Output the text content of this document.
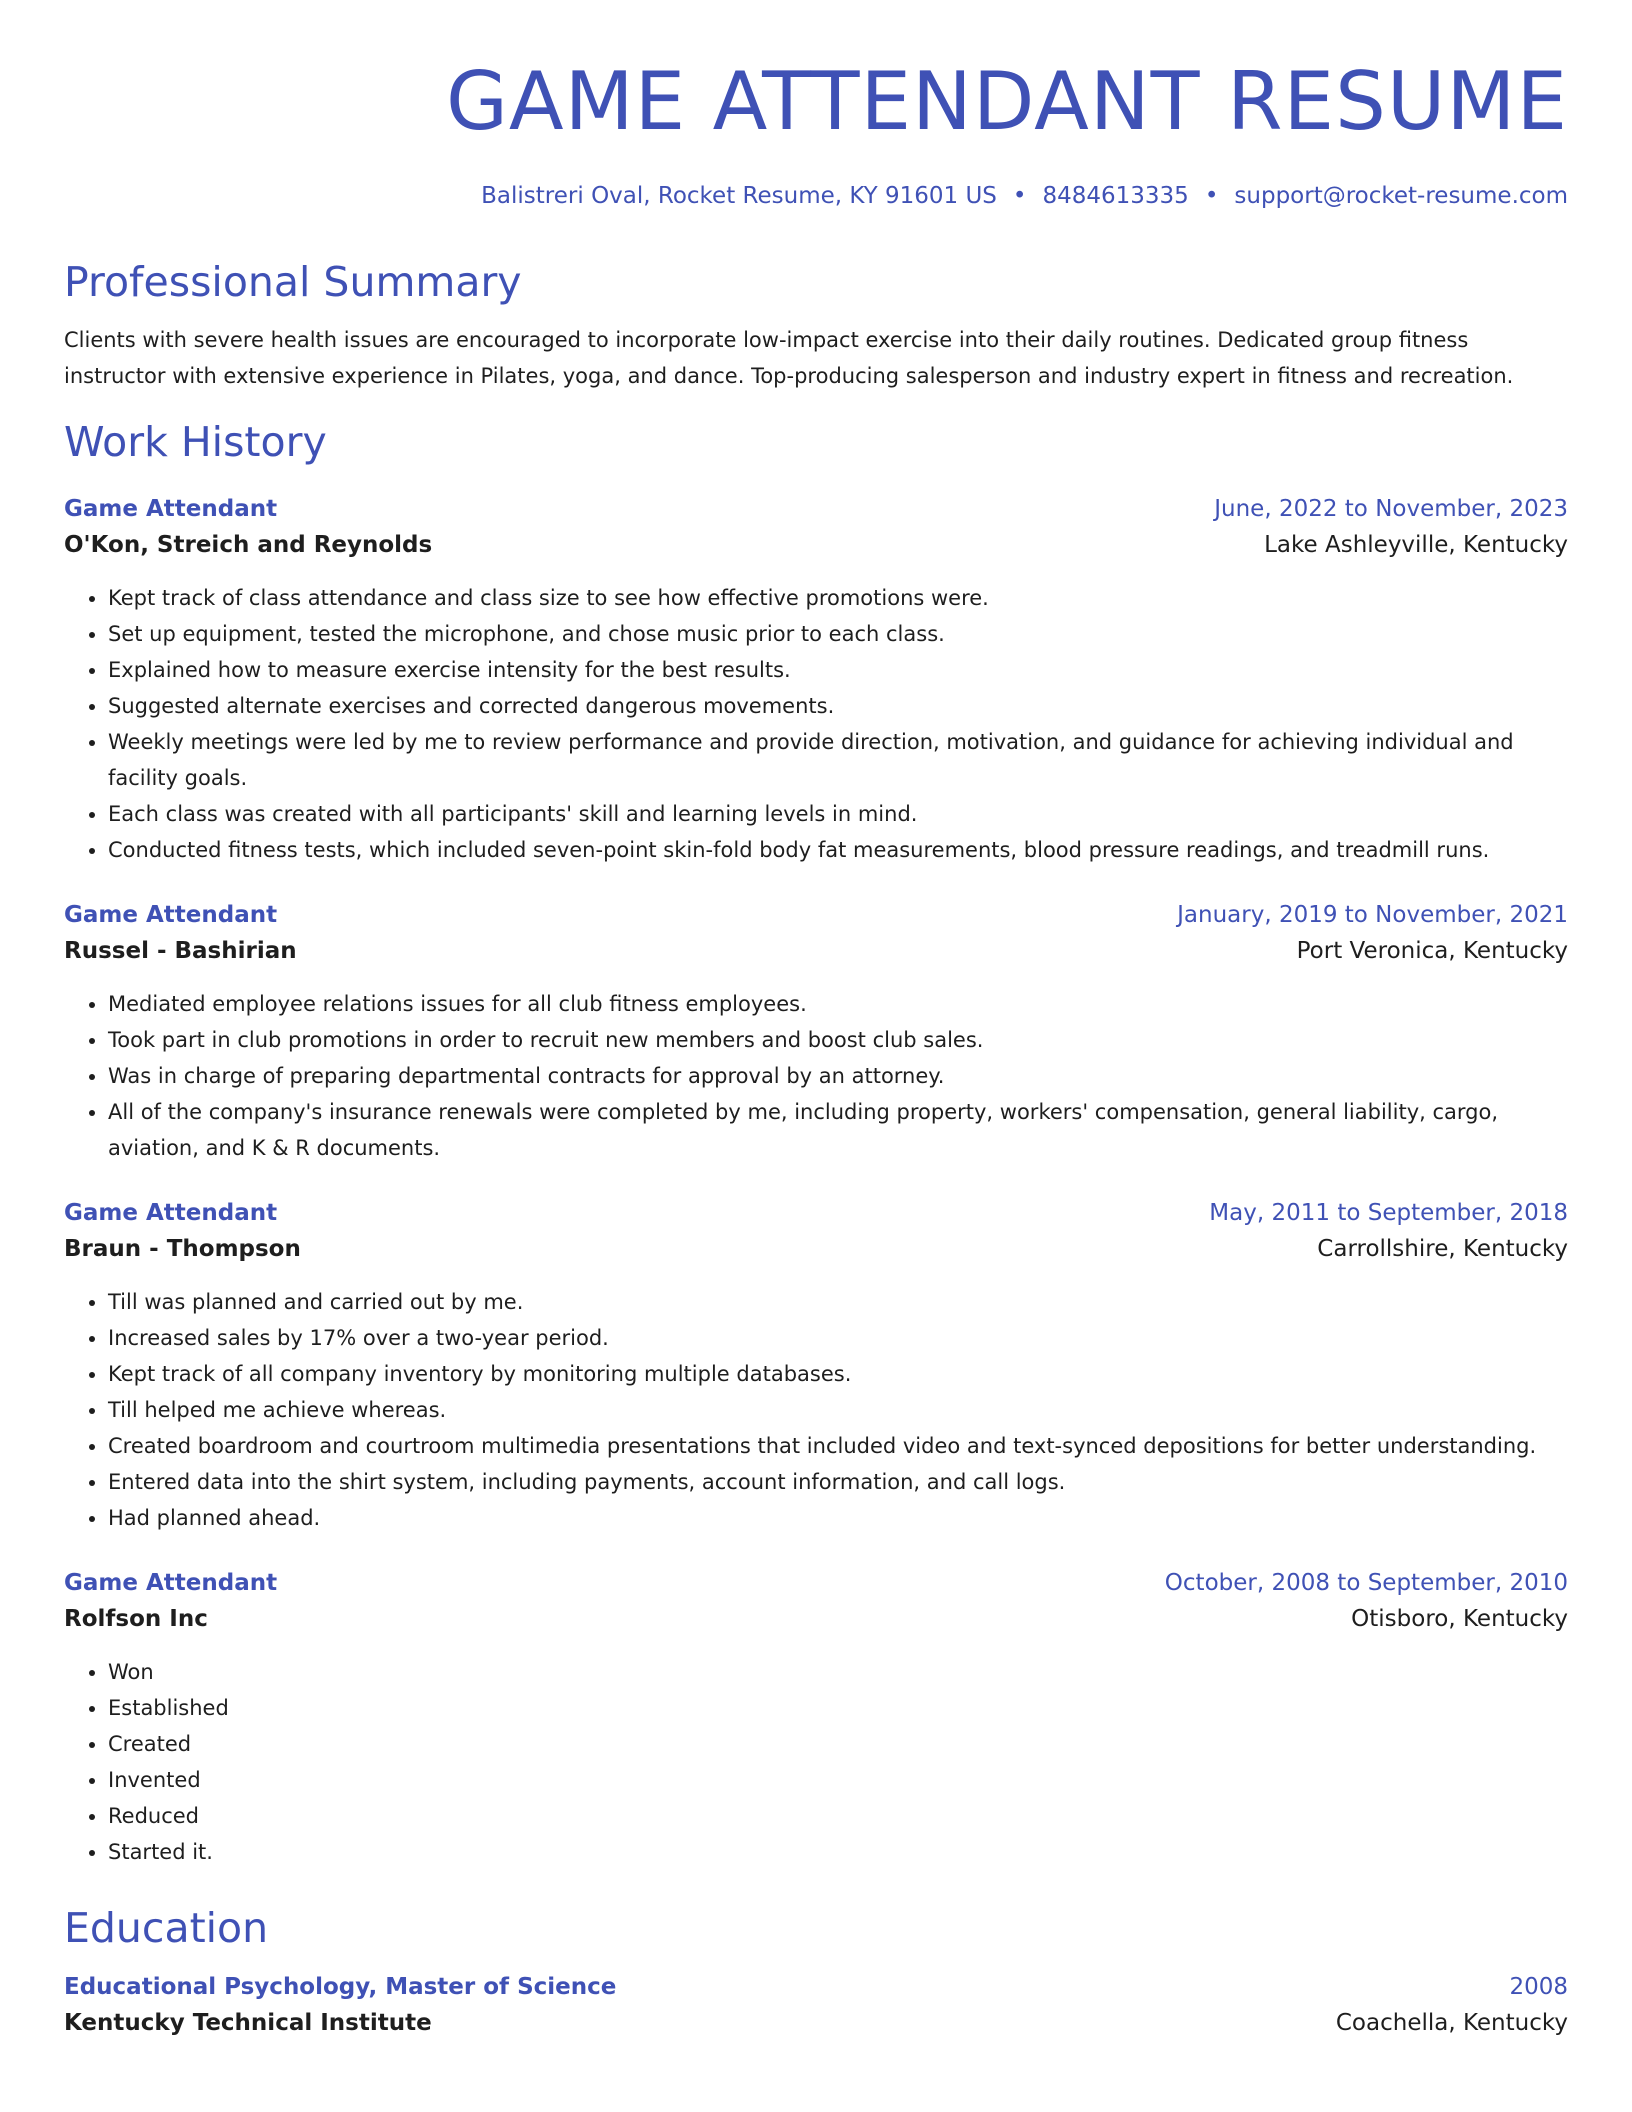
GAME ATTENDANT RESUME
Balistreri Oval, Rocket Resume, KY 91601 US • 8484613335 • support@rocket-resume.com
Professional Summary
Clients with severe health issues are encouraged to incorporate low-impact exercise into their daily routines. Dedicated group fitness instructor with extensive experience in Pilates, yoga, and dance. Top-producing salesperson and industry expert in fitness and recreation.
Work History
Game Attendant	June, 2022 to November, 2023
O'Kon, Streich and Reynolds	Lake Ashleyville, Kentucky
• Kept track of class attendance and class size to see how effective promotions were.
• Set up equipment, tested the microphone, and chose music prior to each class.
• Explained how to measure exercise intensity for the best results.
• Suggested alternate exercises and corrected dangerous movements.
• Weekly meetings were led by me to review performance and provide direction, motivation, and guidance for achieving individual and facility goals.
• Each class was created with all participants' skill and learning levels in mind.
• Conducted fitness tests, which included seven-point skin-fold body fat measurements, blood pressure readings, and treadmill runs.
Game Attendant	January, 2019 to November, 2021
Russel - Bashirian	Port Veronica, Kentucky
• Mediated employee relations issues for all club fitness employees.
• Took part in club promotions in order to recruit new members and boost club sales.
• Was in charge of preparing departmental contracts for approval by an attorney.
• All of the company's insurance renewals were completed by me, including property, workers' compensation, general liability, cargo, aviation, and K & R documents.
Game Attendant	May, 2011 to September, 2018
Braun - Thompson	Carrollshire, Kentucky
• Till was planned and carried out by me.
• Increased sales by 17% over a two-year period.
• Kept track of all company inventory by monitoring multiple databases.
• Till helped me achieve whereas.
• Created boardroom and courtroom multimedia presentations that included video and text-synced depositions for better understanding.
• Entered data into the shirt system, including payments, account information, and call logs.
• Had planned ahead.
Game Attendant	October, 2008 to September, 2010
Rolfson Inc	Otisboro, Kentucky
• Won
• Established
• Created
• Invented
• Reduced
• Started it.
Education
Educational Psychology, Master of Science	2008
Kentucky Technical Institute	Coachella, Kentucky
